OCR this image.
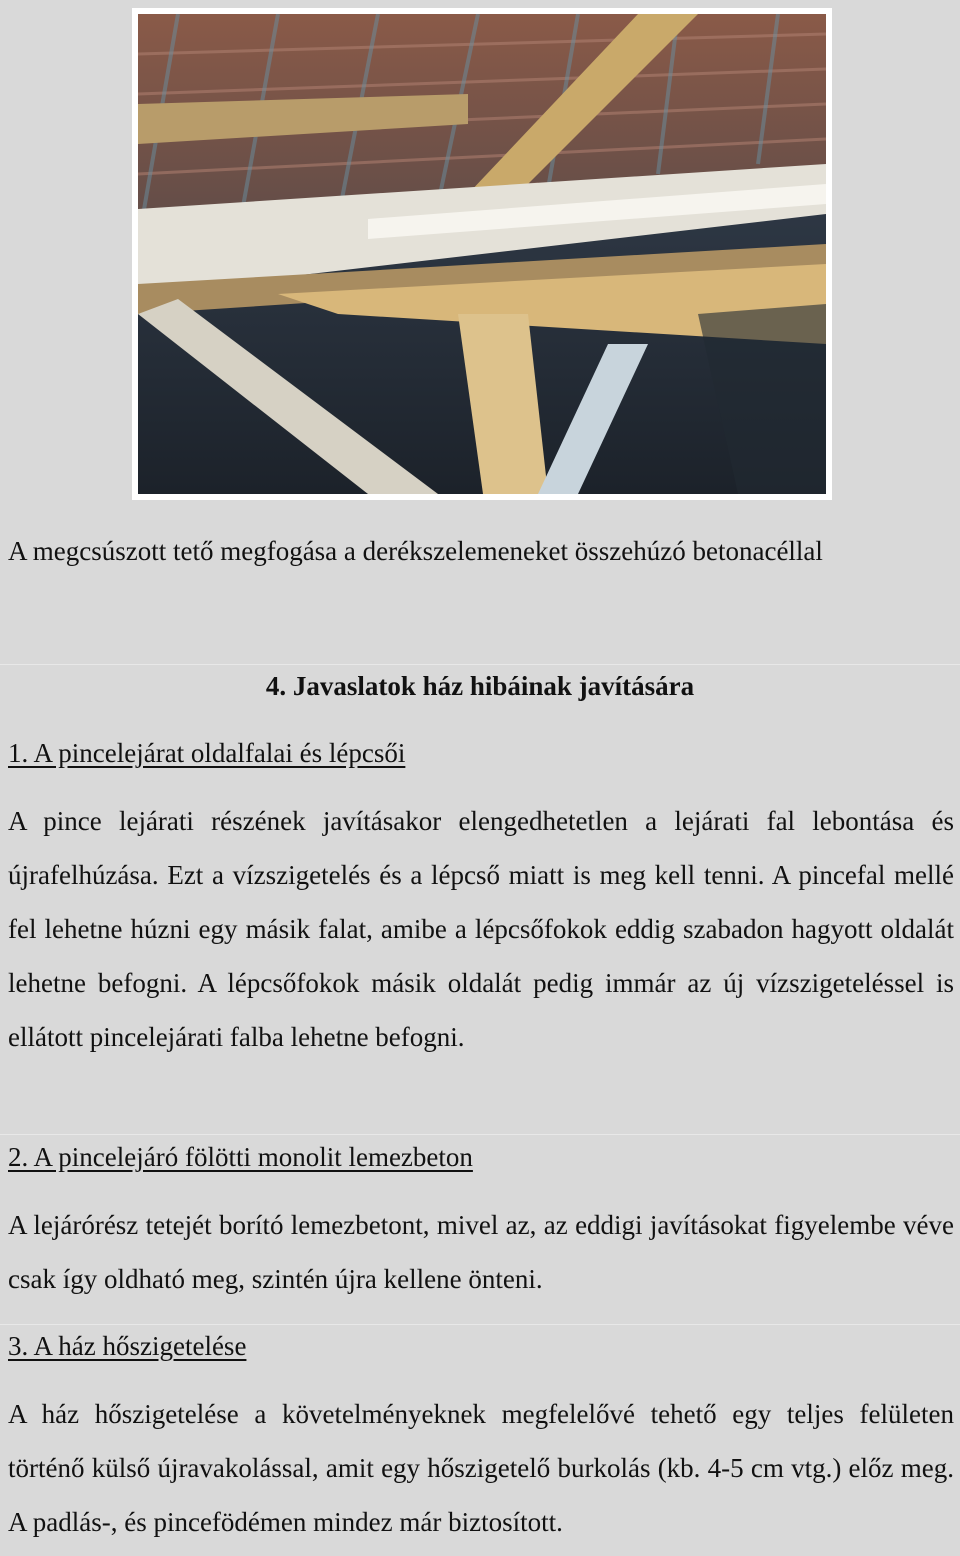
A megcsúszott tető megfogása a derékszelemeneket összehúzó betonacéllal
4. Javaslatok ház hibáinak javítására
1. A pincelejárat oldalfalai és lépcsői
A pince lejárati részének javításakor elengedhetetlen a lejárati fal lebontása és újrafelhúzása. Ezt a vízszigetelés és a lépcső miatt is meg kell tenni. A pincefal mellé fel lehetne húzni egy másik falat, amibe a lépcsőfokok eddig szabadon hagyott oldalát lehetne befogni. A lépcsőfokok másik oldalát pedig immár az új vízszigeteléssel is ellátott pincelejárati falba lehetne befogni.
2. A pincelejáró fölötti monolit lemezbeton
A lejárórész tetejét borító lemezbetont, mivel az, az eddigi javításokat figyelembe véve csak így oldható meg, szintén újra kellene önteni.
3. A ház hőszigetelése
A ház hőszigetelése a követelményeknek megfelelővé tehető egy teljes felületen történő külső újravakolással, amit egy hőszigetelő burkolás (kb. 4-5 cm vtg.) előz meg. A padlás-, és pincefödémen mindez már biztosított.
